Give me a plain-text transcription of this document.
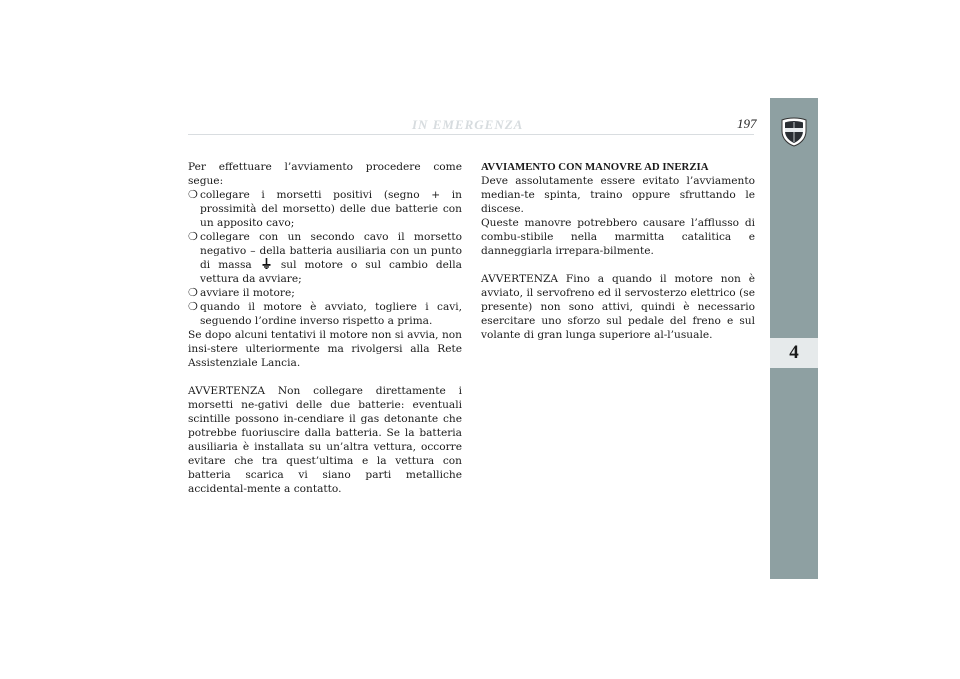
IN EMERGENZA	197
4

Per effettuare l’avviamento procedere come segue:

❍ collegare i morsetti positivi (segno + in prossimità del morsetto) delle due batterie con un apposito cavo;
❍ collegare con un secondo cavo il morsetto negativo – della batteria ausiliaria con un punto di massa	sul motore o sul cambio della vettura da avviare;
❍ avviare il motore;
❍ quando il motore è avviato, togliere i cavi, seguendo l’ordine inverso rispetto a prima.

Se dopo alcuni tentativi il motore non si avvia, non insi-stere ulteriormente ma rivolgersi alla Rete Assistenziale Lancia.

AVVERTENZA Non collegare direttamente i morsetti ne-gativi delle due batterie: eventuali scintille possono in-cendiare il gas detonante che potrebbe fuoriuscire dalla batteria. Se la batteria ausiliaria è installata su un’altra vettura, occorre evitare che tra quest’ultima e la vettura con batteria scarica vi siano parti metalliche accidental-mente a contatto.

AVVIAMENTO CON MANOVRE AD INERZIA

Deve assolutamente essere evitato l’avviamento median-te spinta, traino oppure sfruttando le discese.

Queste manovre potrebbero causare l’afflusso di combu-stibile nella marmitta catalitica e danneggiarla irrepara-bilmente.

AVVERTENZA Fino a quando il motore non è avviato, il servofreno ed il servosterzo elettrico (se presente) non sono attivi, quindi è necessario esercitare uno sforzo sul pedale del freno e sul volante di gran lunga superiore al-l’usuale.
